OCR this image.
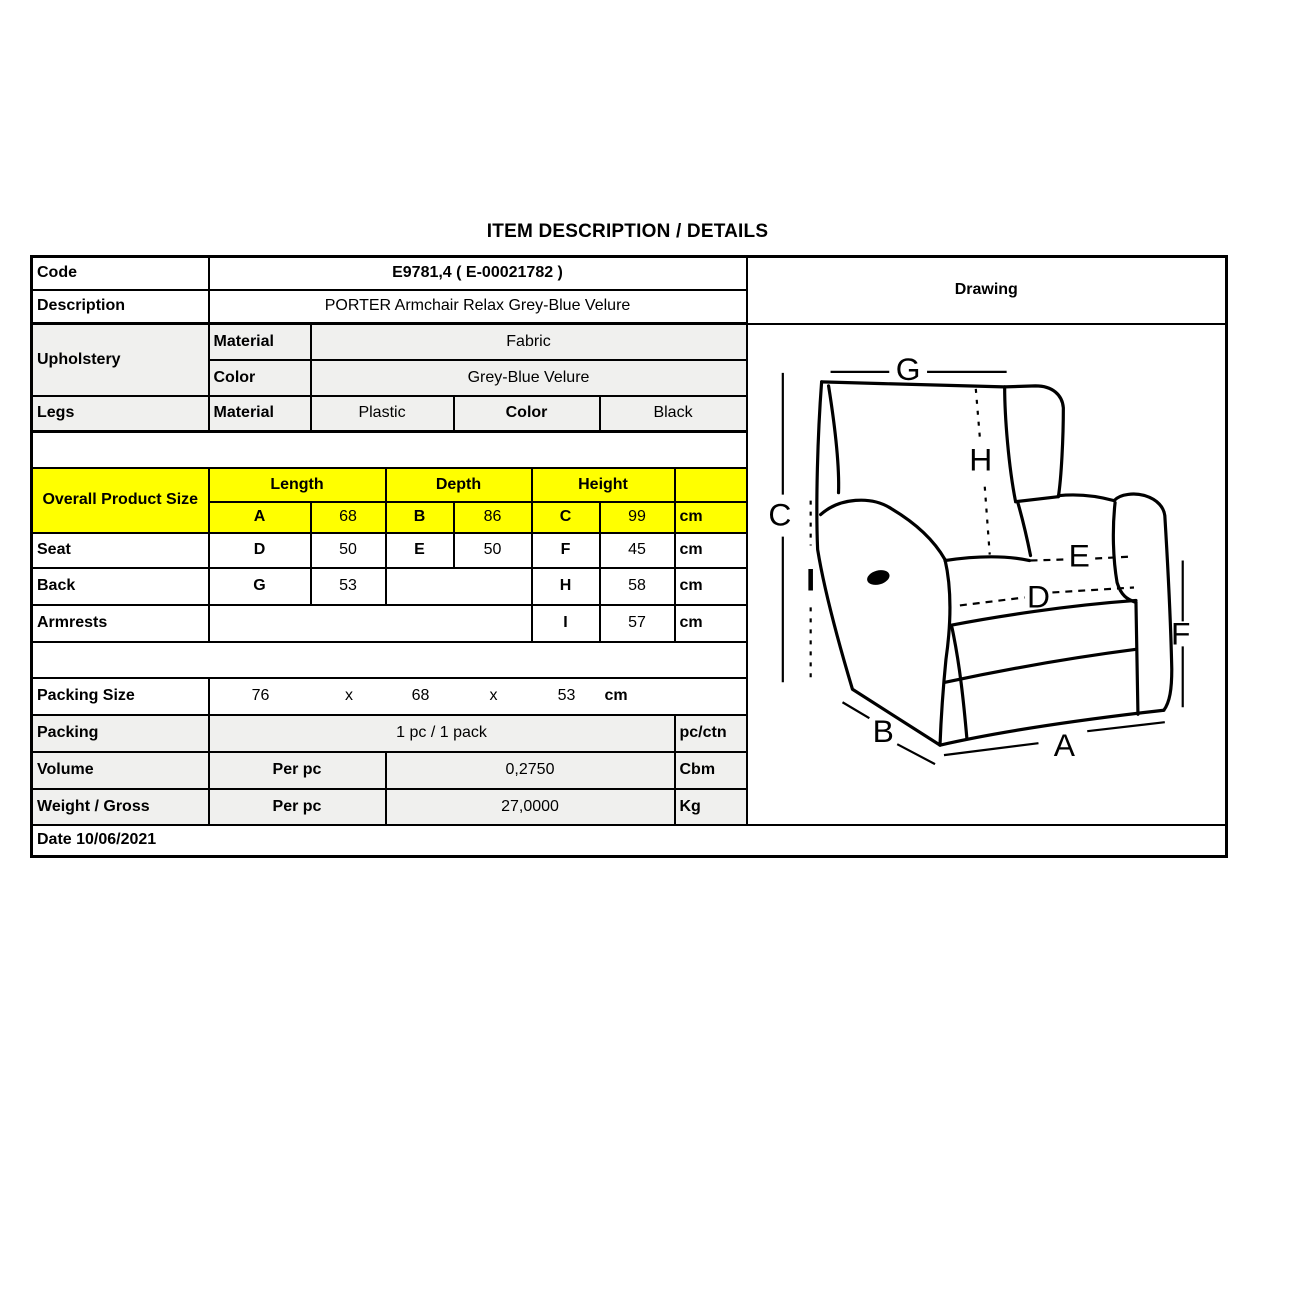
ITEM DESCRIPTION / DETAILS
Code	E9781,4 ( E-00021782 )							Drawing
Description	PORTER Armchair Relax Grey-Blue Velure							
Upholstery	Material	Fabric	
G
H
C
I
E
D
F
B	A

	Color	Grey-Blue Velure						
Legs	Material	Plastic		Color		Black		

Overall Product Size	Length		Depth		Height			
	A	68	B	86	C	99	cm	
Seat	D	50	E	50	F	45	cm	
Back	G	53			H	58	cm	
Armrests					I	57	cm	

Packing Size	76	x	68	x	53	cm

Packing	1 pc / 1 pack						pc/ctn	
Volume	Per pc		0,2750				Cbm	
Weight / Gross	Per pc		27,0000				Kg	
Date 10/06/2021								
